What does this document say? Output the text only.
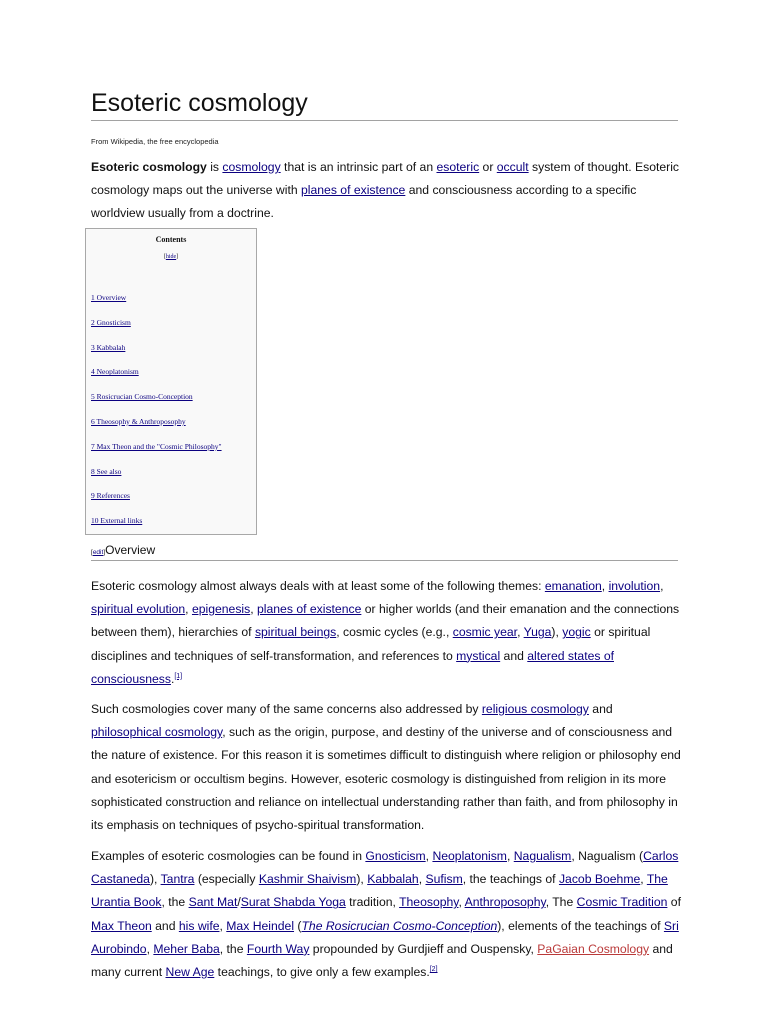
Esoteric cosmology
From Wikipedia, the free encyclopedia

Esoteric cosmology is cosmology that is an intrinsic part of an esoteric or occult system of thought. Esoteric cosmology maps out the universe with planes of existence and consciousness according to a specific worldview usually from a doctrine.

Contents
[hide]
1 Overview
2 Gnosticism
3 Kabbalah
4 Neoplatonism
5 Rosicrucian Cosmo-Conception
6 Theosophy & Anthroposophy
7 Max Theon and the "Cosmic Philosophy"
8 See also
9 References
10 External links
[edit]Overview

Esoteric cosmology almost always deals with at least some of the following themes: emanation, involution, spiritual evolution, epigenesis, planes of existence or higher worlds (and their emanation and the connections between them), hierarchies of spiritual beings, cosmic cycles (e.g., cosmic year, Yuga), yogic or spiritual disciplines and techniques of self-transformation, and references to mystical and altered states of consciousness.[1]

Such cosmologies cover many of the same concerns also addressed by religious cosmology and philosophical cosmology, such as the origin, purpose, and destiny of the universe and of consciousness and the nature of existence. For this reason it is sometimes difficult to distinguish where religion or philosophy end and esotericism or occultism begins. However, esoteric cosmology is distinguished from religion in its more sophisticated construction and reliance on intellectual understanding rather than faith, and from philosophy in its emphasis on techniques of psycho-spiritual transformation.

Examples of esoteric cosmologies can be found in Gnosticism, Neoplatonism, Nagualism, Nagualism (Carlos Castaneda), Tantra (especially Kashmir Shaivism), Kabbalah, Sufism, the teachings of Jacob Boehme, The Urantia Book, the Sant Mat/Surat Shabda Yoga tradition, Theosophy, Anthroposophy, The Cosmic Tradition of Max Theon and his wife, Max Heindel (The Rosicrucian Cosmo-Conception), elements of the teachings of Sri Aurobindo, Meher Baba, the Fourth Way propounded by Gurdjieff and Ouspensky, PaGaian Cosmology and many current New Age teachings, to give only a few examples.[2]
